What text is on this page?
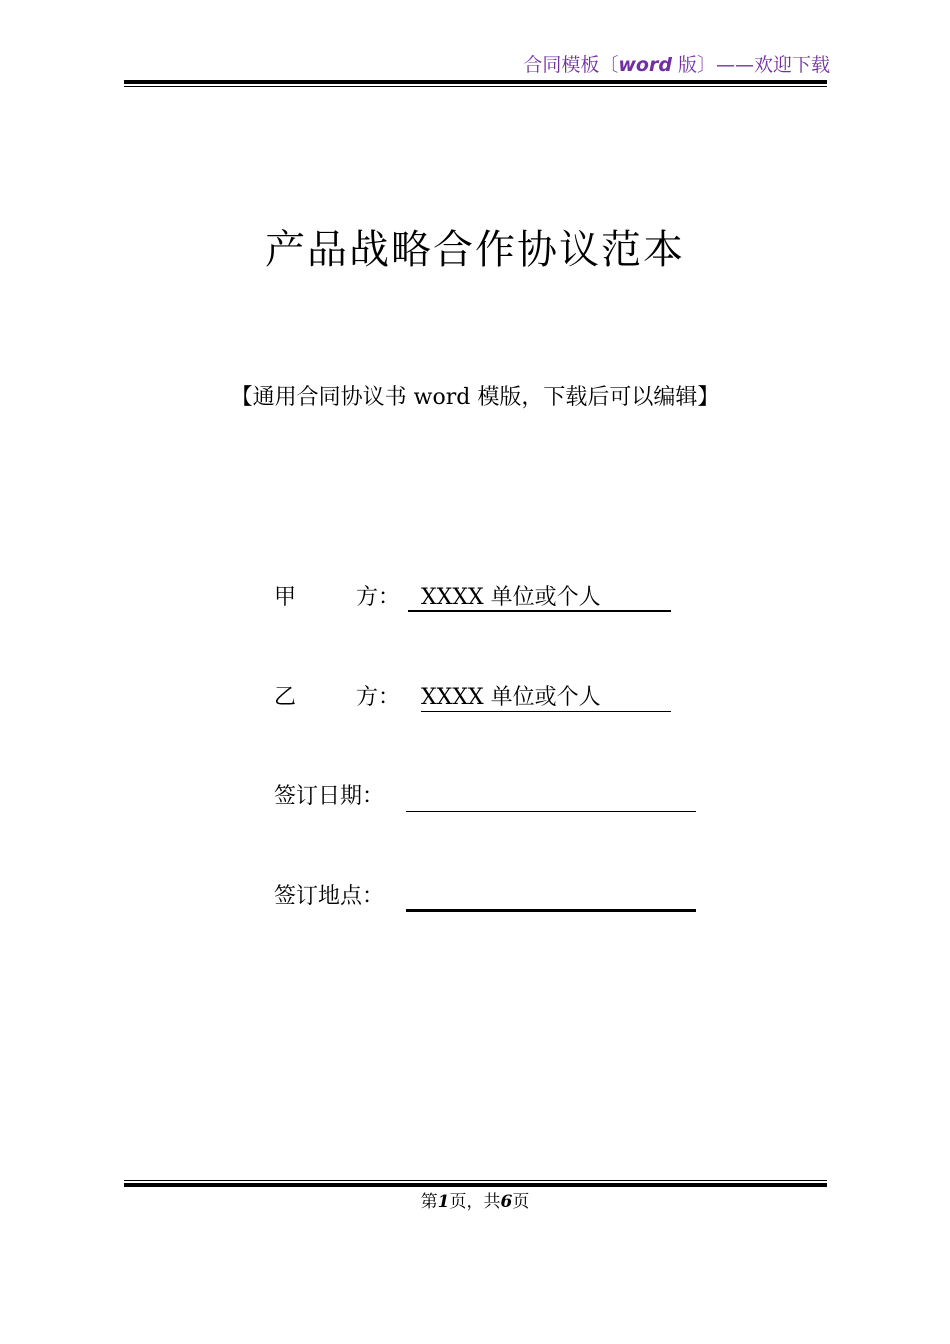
合同模板〔word 版〕——欢迎下载
产品战略合作协议范本
【通用合同协议书 word 模版，下载后可以编辑】
甲	方： XXXX 单位或个人
乙	方： XXXX 单位或个人
签订日期：
签订地点：
第1页，共6页
